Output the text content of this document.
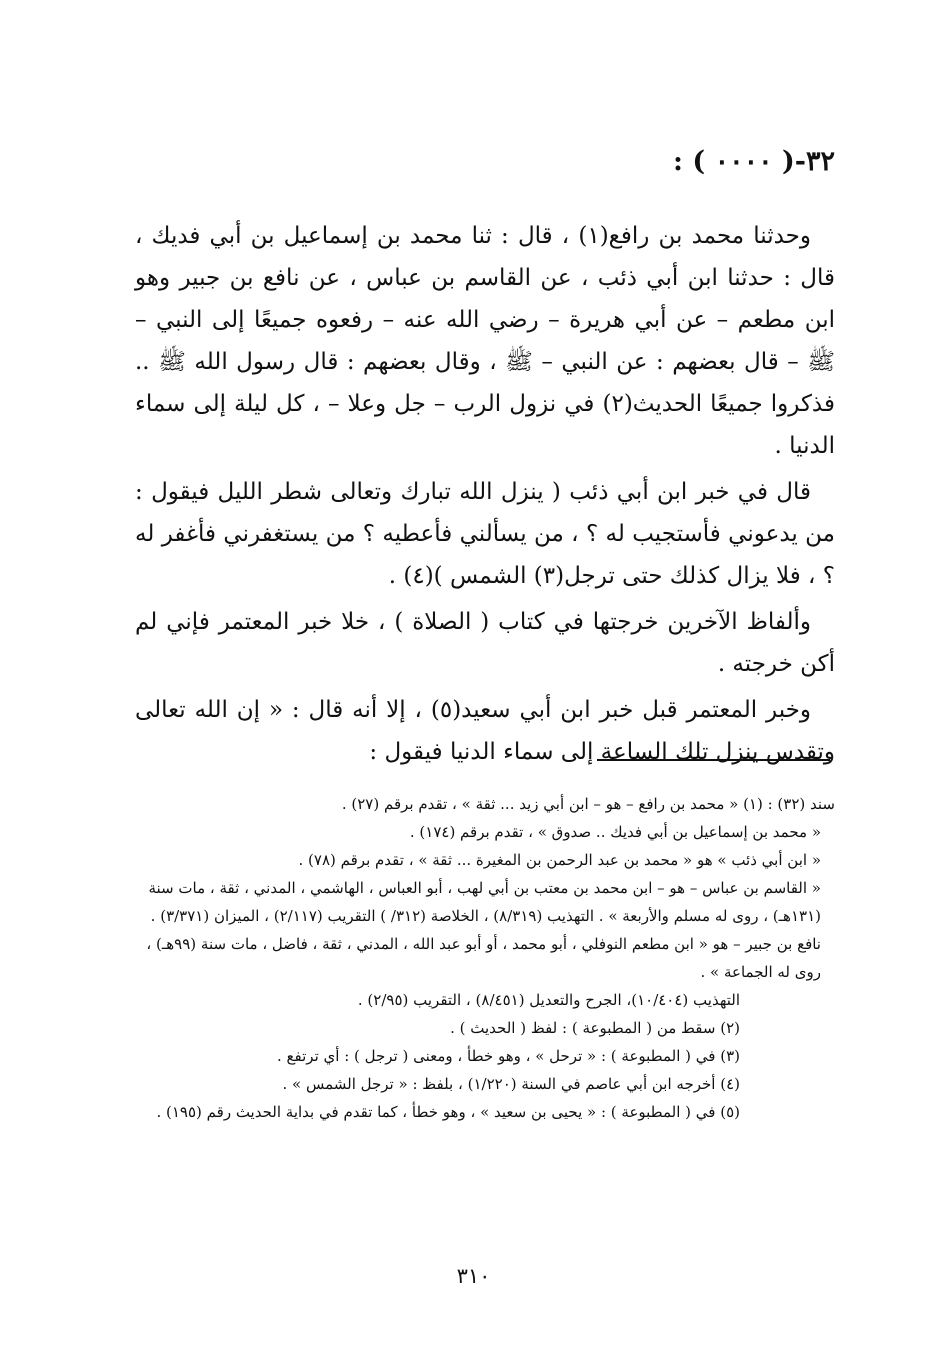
٣٢-( ٠٠٠٠ ) :

وحدثنا محمد بن رافع(١) ، قال : ثنا محمد بن إسماعيل بن أبي فديك ، قال : حدثنا ابن أبي ذئب ، عن القاسم بن عباس ، عن نافع بن جبير وهو ابن مطعم – عن أبي هريرة – رضي الله عنه – رفعوه جميعًا إلى النبي – ﷺ – قال بعضهم : عن النبي – ﷺ ، وقال بعضهم : قال رسول الله ﷺ .. فذكروا جميعًا الحديث(٢) في نزول الرب – جل وعلا – ، كل ليلة إلى سماء الدنيا .

قال في خبر ابن أبي ذئب ( ينزل الله تبارك وتعالى شطر الليل فيقول : من يدعوني فأستجيب له ؟ ، من يسألني فأعطيه ؟ من يستغفرني فأغفر له ؟ ، فلا يزال كذلك حتى ترجل(٣) الشمس )(٤) .

وألفاظ الآخرين خرجتها في كتاب ( الصلاة ) ، خلا خبر المعتمر فإني لم أكن خرجته .

وخبر المعتمر قبل خبر ابن أبي سعيد(٥) ، إلا أنه قال : « إن الله تعالى وتقدس ينزل تلك الساعة إلى سماء الدنيا فيقول :

سند (٣٢) : (١) « محمد بن رافع – هو – ابن أبي زيد ... ثقة » ، تقدم برقم (٢٧) .

« محمد بن إسماعيل بن أبي فديك .. صدوق » ، تقدم برقم (١٧٤) .

« ابن أبي ذئب » هو « محمد بن عبد الرحمن بن المغيرة ... ثقة » ، تقدم برقم (٧٨) .

« القاسم بن عباس – هو – ابن محمد بن معتب بن أبي لهب ، أبو العباس ، الهاشمي ، المدني ، ثقة ، مات سنة (١٣١هـ) ، روى له مسلم والأربعة » . التهذيب (٨/٣١٩) ، الخلاصة (٣١٢/ ) التقريب (٢/١١٧) ، الميزان (٣/٣٧١) .

نافع بن جبير – هو « ابن مطعم النوفلي ، أبو محمد ، أو أبو عبد الله ، المدني ، ثقة ، فاضل ، مات سنة (٩٩هـ) ، روى له الجماعة » .

التهذيب (١٠/٤٠٤)، الجرح والتعديل (٨/٤٥١) ، التقريب (٢/٩٥) .

(٢) سقط من ( المطبوعة ) : لفظ ( الحديث ) .

(٣) في ( المطبوعة ) : « ترحل » ، وهو خطأ ، ومعنى ( ترجل ) : أي ترتفع .

(٤) أخرجه ابن أبي عاصم في السنة (١/٢٢٠) ، بلفظ : « ترجل الشمس » .

(٥) في ( المطبوعة ) : « يحيى بن سعيد » ، وهو خطأ ، كما تقدم في بداية الحديث رقم (١٩٥) .

٣١٠
